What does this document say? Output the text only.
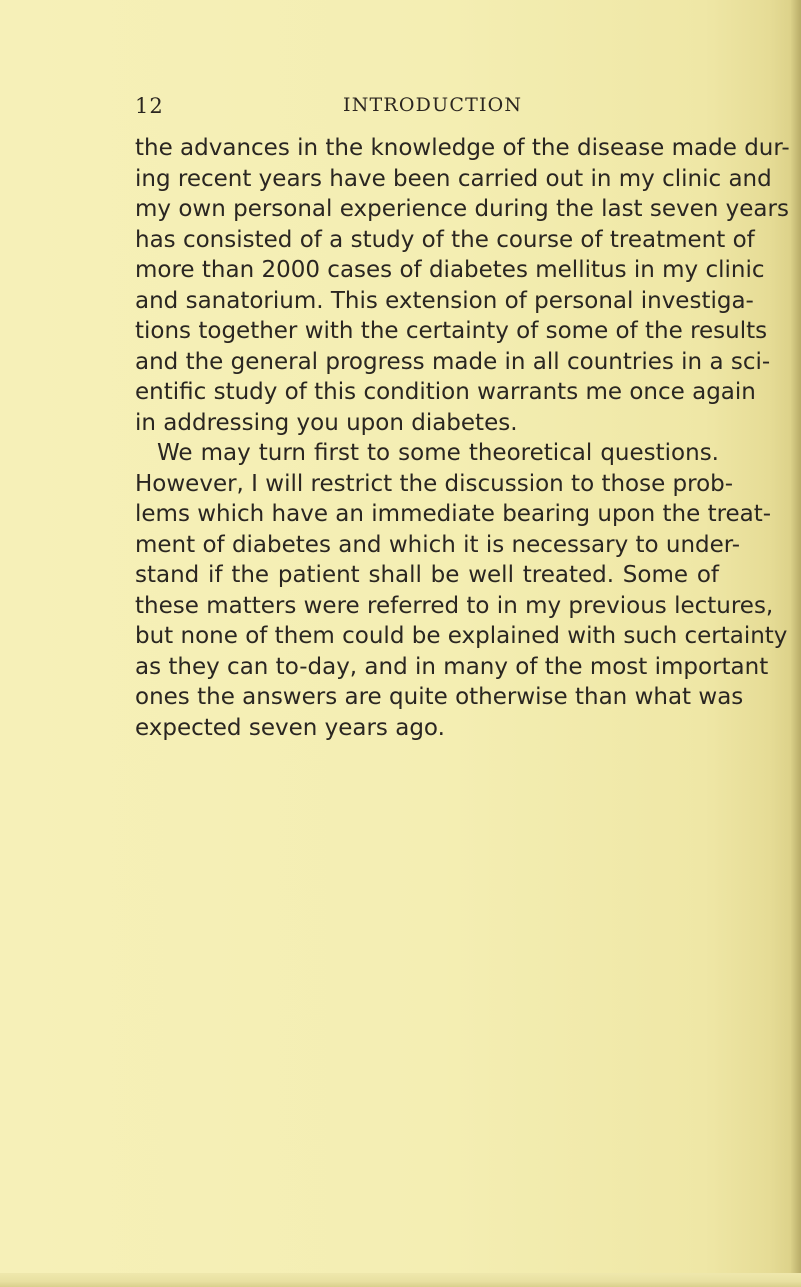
12	INTRODUCTION
the advances in the knowledge of the disease made dur-
ing recent years have been carried out in my clinic and
my own personal experience during the last seven years
has consisted of a study of the course of treatment of
more than 2000 cases of diabetes mellitus in my clinic
and sanatorium. This extension of personal investiga-
tions together with the certainty of some of the results
and the general progress made in all countries in a sci-
entific study of this condition warrants me once again
in addressing you upon diabetes.
We may turn first to some theoretical questions.
However, I will restrict the discussion to those prob-
lems which have an immediate bearing upon the treat-
ment of diabetes and which it is necessary to under-
stand if the patient shall be well treated. Some of
these matters were referred to in my previous lectures,
but none of them could be explained with such certainty
as they can to-day, and in many of the most important
ones the answers are quite otherwise than what was
expected seven years ago.
